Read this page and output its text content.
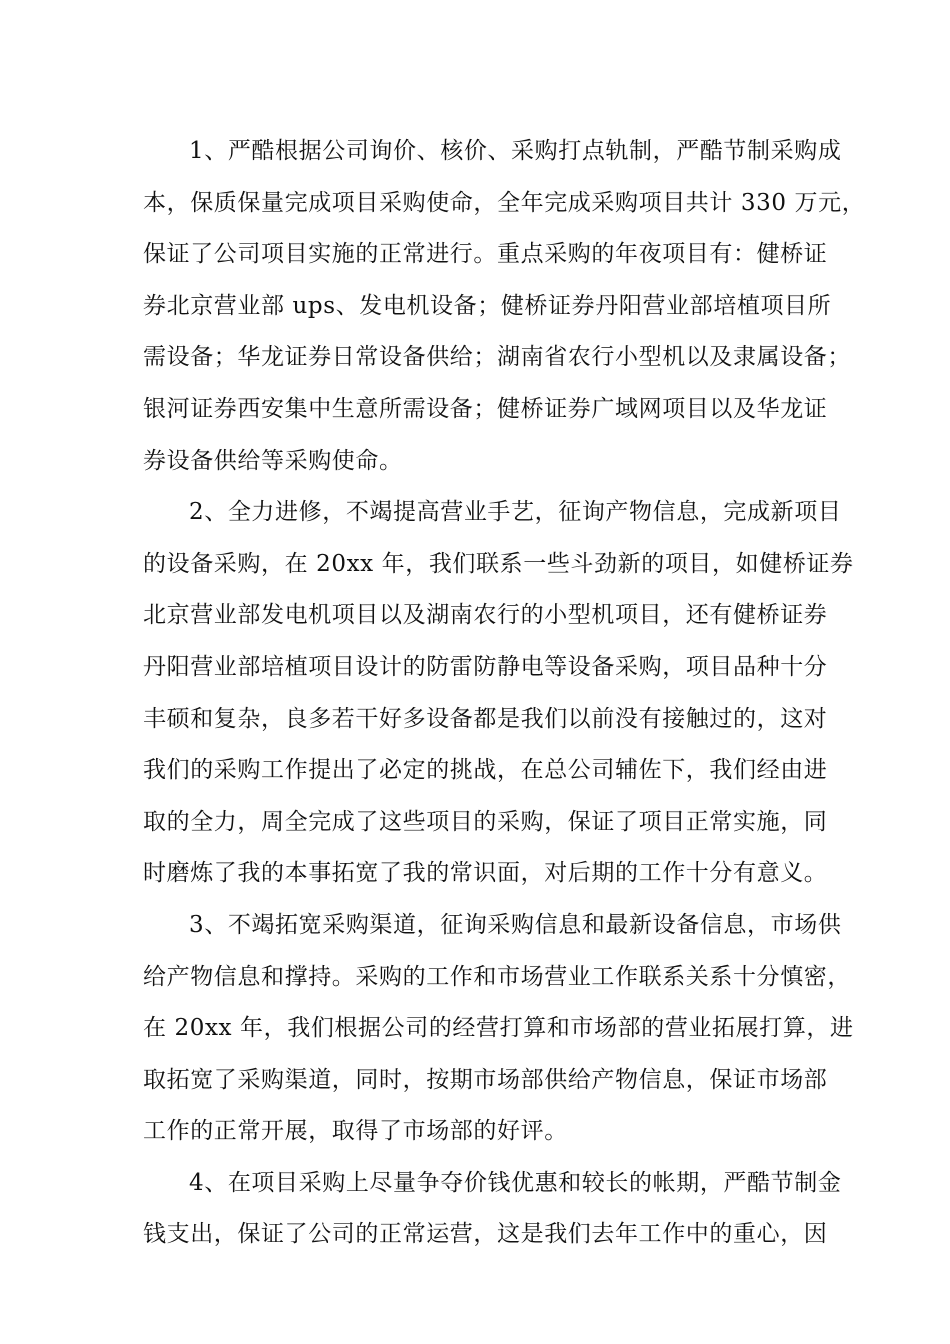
1、严酷根据公司询价、核价、采购打点轨制，严酷节制采购成
本，保质保量完成项目采购使命，全年完成采购项目共计 330 万元，
保证了公司项目实施的正常进行。重点采购的年夜项目有：健桥证
券北京营业部 ups、发电机设备；健桥证券丹阳营业部培植项目所
需设备；华龙证券日常设备供给；湖南省农行小型机以及隶属设备；
银河证券西安集中生意所需设备；健桥证券广域网项目以及华龙证
券设备供给等采购使命。
2、全力进修，不竭提高营业手艺，征询产物信息，完成新项目
的设备采购，在 20xx 年，我们联系一些斗劲新的项目，如健桥证券
北京营业部发电机项目以及湖南农行的小型机项目，还有健桥证券
丹阳营业部培植项目设计的防雷防静电等设备采购，项目品种十分
丰硕和复杂，良多若干好多设备都是我们以前没有接触过的，这对
我们的采购工作提出了必定的挑战，在总公司辅佐下，我们经由进
取的全力，周全完成了这些项目的采购，保证了项目正常实施，同
时磨炼了我的本事拓宽了我的常识面，对后期的工作十分有意义。
3、不竭拓宽采购渠道，征询采购信息和最新设备信息，市场供
给产物信息和撑持。采购的工作和市场营业工作联系关系十分慎密，
在 20xx 年，我们根据公司的经营打算和市场部的营业拓展打算，进
取拓宽了采购渠道，同时，按期市场部供给产物信息，保证市场部
工作的正常开展，取得了市场部的好评。
4、在项目采购上尽量争夺价钱优惠和较长的帐期，严酷节制金
钱支出，保证了公司的正常运营，这是我们去年工作中的重心，因
